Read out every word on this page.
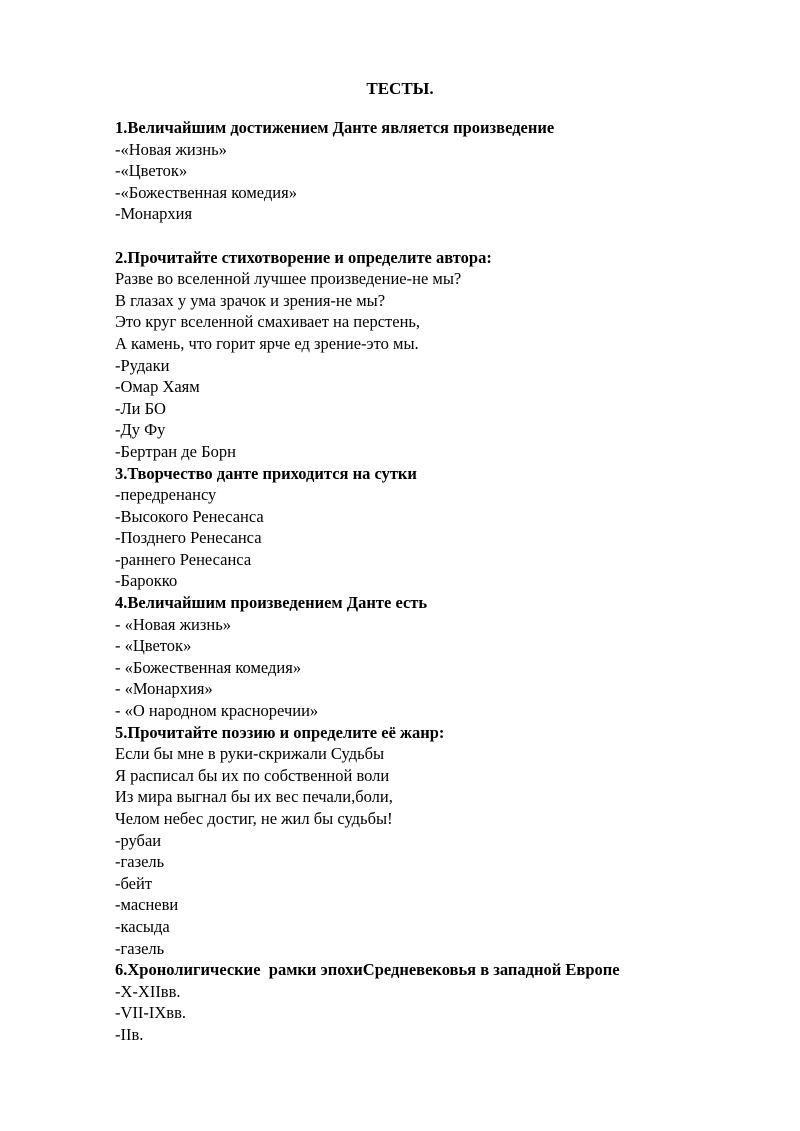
ТЕСТЫ.
1.Величайшим достижением Данте является произведение
-«Новая жизнь»
-«Цветок»
-«Божественная комедия»
-Монархия
2.Прочитайте стихотворение и определите автора:
Разве во вселенной лучшее произведение-не мы?
В глазах у ума зрачок и зрения-не мы?
Это круг вселенной смахивает на перстень,
А камень, что горит ярче ед зрение-это мы.
-Рудаки
-Омар Хаям
-Ли БО
-Ду Фу
-Бертран де Борн
3.Творчество данте приходится на сутки
-передренансу
-Высокого Ренесанса
-Позднего Ренесанса
-раннего Ренесанса
-Барокко
4.Величайшим произведением Данте есть
- «Новая жизнь»
- «Цветок»
- «Божественная комедия»
- «Монархия»
- «О народном красноречии»
5.Прочитайте поэзию и определите её жанр:
Если бы мне в руки-скрижали Судьбы
Я расписал бы их по собственной воли
Из мира выгнал бы их вес печали,боли,
Челом небес достиг, не жил бы судьбы!
-рубаи
-газель
-бейт
-масневи
-касыда
-газель
6.Хронолигические  рамки эпохиСредневековья в западной Европе
-X-XIIвв.
-VII-IXвв.
-IIв.
